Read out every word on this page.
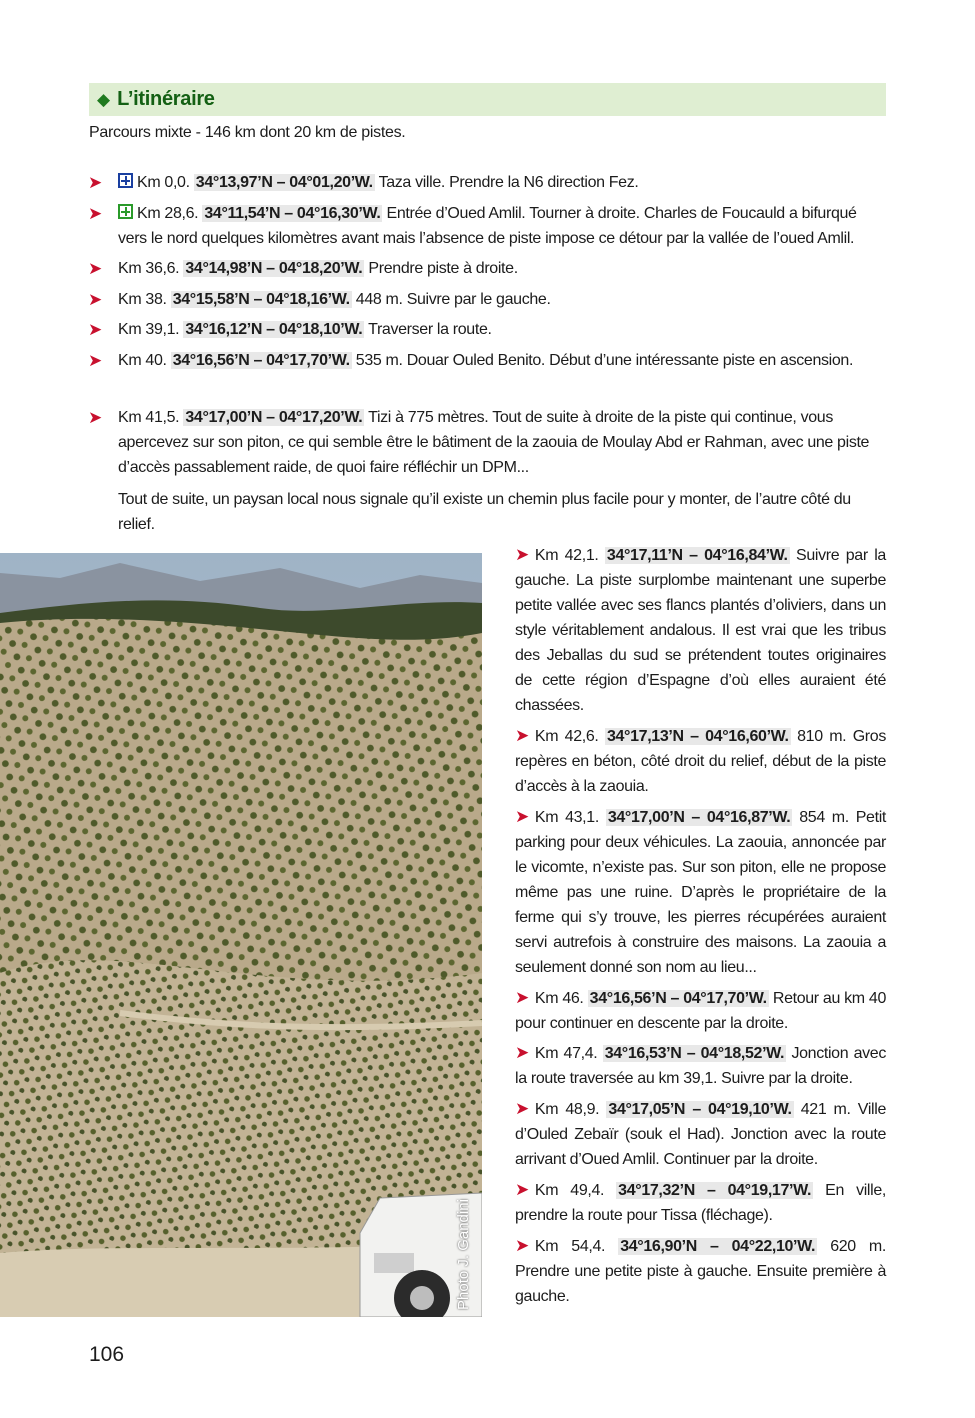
◆ L’itinéraire
Parcours mixte - 146 km dont 20 km de pistes.
➤ Km 0,0. 34°13,97’N – 04°01,20’W. Taza ville. Prendre la N6 direction Fez.
➤ Km 28,6. 34°11,54’N – 04°16,30’W. Entrée d’Oued Amlil. Tourner à droite. Charles de Foucauld a bifurqué vers le nord quelques kilomètres avant mais l’absence de piste impose ce détour par la vallée de l’oued Amlil.
➤ Km 36,6. 34°14,98’N – 04°18,20’W. Prendre piste à droite.
➤ Km 38. 34°15,58’N – 04°18,16’W. 448 m. Suivre par le gauche.
➤ Km 39,1. 34°16,12’N – 04°18,10’W. Traverser la route.
➤ Km 40. 34°16,56’N – 04°17,70’W. 535 m. Douar Ouled Benito. Début d’une intéressante piste en ascension.
➤ Km 41,5. 34°17,00’N – 04°17,20’W. Tizi à 775 mètres. Tout de suite à droite de la piste qui continue, vous apercevez sur son piton, ce qui semble être le bâtiment de la zaouia de Moulay Abd er Rahman, avec une piste d’accès passablement raide, de quoi faire réfléchir un DPM...
Tout de suite, un paysan local nous signale qu’il existe un chemin plus facile pour y monter, de l’autre côté du relief.
Photo J. Gandini
➤ Km 42,1. 34°17,11’N – 04°16,84’W. Suivre par la gauche. La piste surplombe maintenant une superbe petite vallée avec ses flancs plantés d’oliviers, dans un style véritablement andalous. Il est vrai que les tribus des Jeballas du sud se prétendent toutes originaires de cette région d’Espagne d’où elles auraient été chassées.
➤ Km 42,6. 34°17,13’N – 04°16,60’W. 810 m. Gros repères en béton, côté droit du relief, début de la piste d’accès à la zaouia.
➤ Km 43,1. 34°17,00’N – 04°16,87’W. 854 m. Petit parking pour deux véhicules. La zaouia, annoncée par le vicomte, n’existe pas. Sur son piton, elle ne propose même pas une ruine. D’après le propriétaire de la ferme qui s’y trouve, les pierres récupérées auraient servi autrefois à construire des maisons. La zaouia a seulement donné son nom au lieu...
➤ Km 46. 34°16,56’N – 04°17,70’W. Retour au km 40 pour continuer en descente par la droite.
➤ Km 47,4. 34°16,53’N – 04°18,52’W. Jonction avec la route traversée au km 39,1. Suivre par la droite.
➤ Km 48,9. 34°17,05’N – 04°19,10’W. 421 m. Ville d’Ouled Zebaïr (souk el Had). Jonction avec la route arrivant d’Oued Amlil. Continuer par la droite.
➤ Km 49,4. 34°17,32’N – 04°19,17’W. En ville, prendre la route pour Tissa (fléchage).
➤ Km 54,4. 34°16,90’N – 04°22,10’W. 620 m. Prendre une petite piste à gauche. Ensuite première à gauche.
106
